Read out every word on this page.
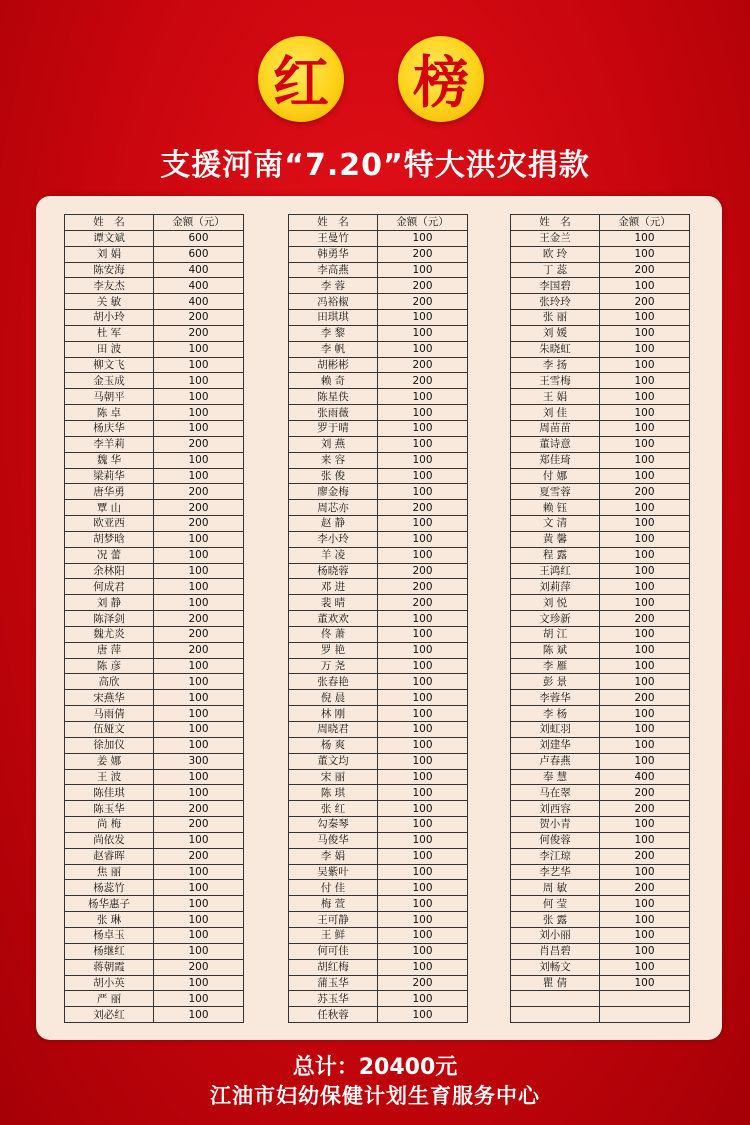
红 榜
支援河南“7.20”特大洪灾捐款
姓　名	金额（元）
谭文斌	600
刘 娟	600
陈安海	400
李友杰	400
关 敏	400
胡小玲	200
杜 军	200
田 波	100
柳文飞	100
金玉成	100
马朝平	100
陈 卓	100
杨庆华	100
李羊莉	200
魏 华	100
梁莉华	100
唐华勇	200
覃 山	200
欧亚西	200
胡梦晗	100
况 蕾	100
余林阳	100
何成君	100
刘 静	100
陈泽剑	200
魏尤炎	200
唐 萍	200
陈 彦	100
高欣	100
宋燕华	100
马雨倩	100
伍娅文	100
徐加仪	100
姜 娜	300
王 波	100
陈佳琪	100
陈玉华	200
尚 梅	200
尚依发	100
赵睿晖	200
焦 丽	100
杨蕊竹	100
杨华惠子	100
张 琳	100
杨卓玉	100
杨继红	100
蒋朝霞	200
胡小英	100
严 丽	100
刘必红	100
姓　名	金额（元）
王曼竹	100
韩勇华	200
李高燕	100
李 蓉	200
冯裕椒	200
田琪琪	100
李 黎	100
李 帆	100
胡彬彬	200
赖 奇	200
陈星佚	100
张雨薇	100
罗于晴	100
刘 燕	100
来 容	100
张 俊	100
廖金梅	100
周芯亦	200
赵 静	100
李小玲	100
羊 凌	100
杨晓蓉	200
邓 进	200
裴 晴	200
董欢欢	100
佟 萧	100
罗 艳	100
万 尧	100
张春艳	100
倪 晨	100
林 刚	100
周晓君	100
杨 爽	100
董文均	100
宋 丽	100
陈 琪	100
张 红	100
勾秦琴	100
马俊华	100
李 娟	100
吴紫叶	100
付 佳	100
梅 萱	100
王可静	100
王 鲜	100
何可佳	100
胡红梅	100
蒲玉华	200
苏玉华	100
任秋蓉	100
姓　名	金额（元）
王金兰	100
欧 玲	100
丁 蕊	200
李国碧	100
张玲玲	200
张 丽	100
刘 媛	100
朱晓虹	100
李 扬	100
王雪梅	100
王 娟	100
刘 佳	100
周苗苗	100
董诗意	100
郑佳琦	100
付 娜	100
夏雪蓉	200
赖 钰	100
文 清	100
黄 馨	100
程 露	100
王鸿红	100
刘莉萍	100
刘 悦	100
文珍新	200
胡 江	100
陈 斌	100
李 雁	100
彭 景	100
李蓉华	200
李 杨	100
刘虹羽	100
刘建华	100
卢春燕	100
奉 慧	400
马在翠	200
刘西容	200
贺小青	100
何俊蓉	100
李江琼	200
李艺华	100
周 敏	200
何 莹	100
张 露	100
刘小丽	100
肖昌碧	100
刘畅文	100
瞿 倩	100

总计：20400元
江油市妇幼保健计划生育服务中心
